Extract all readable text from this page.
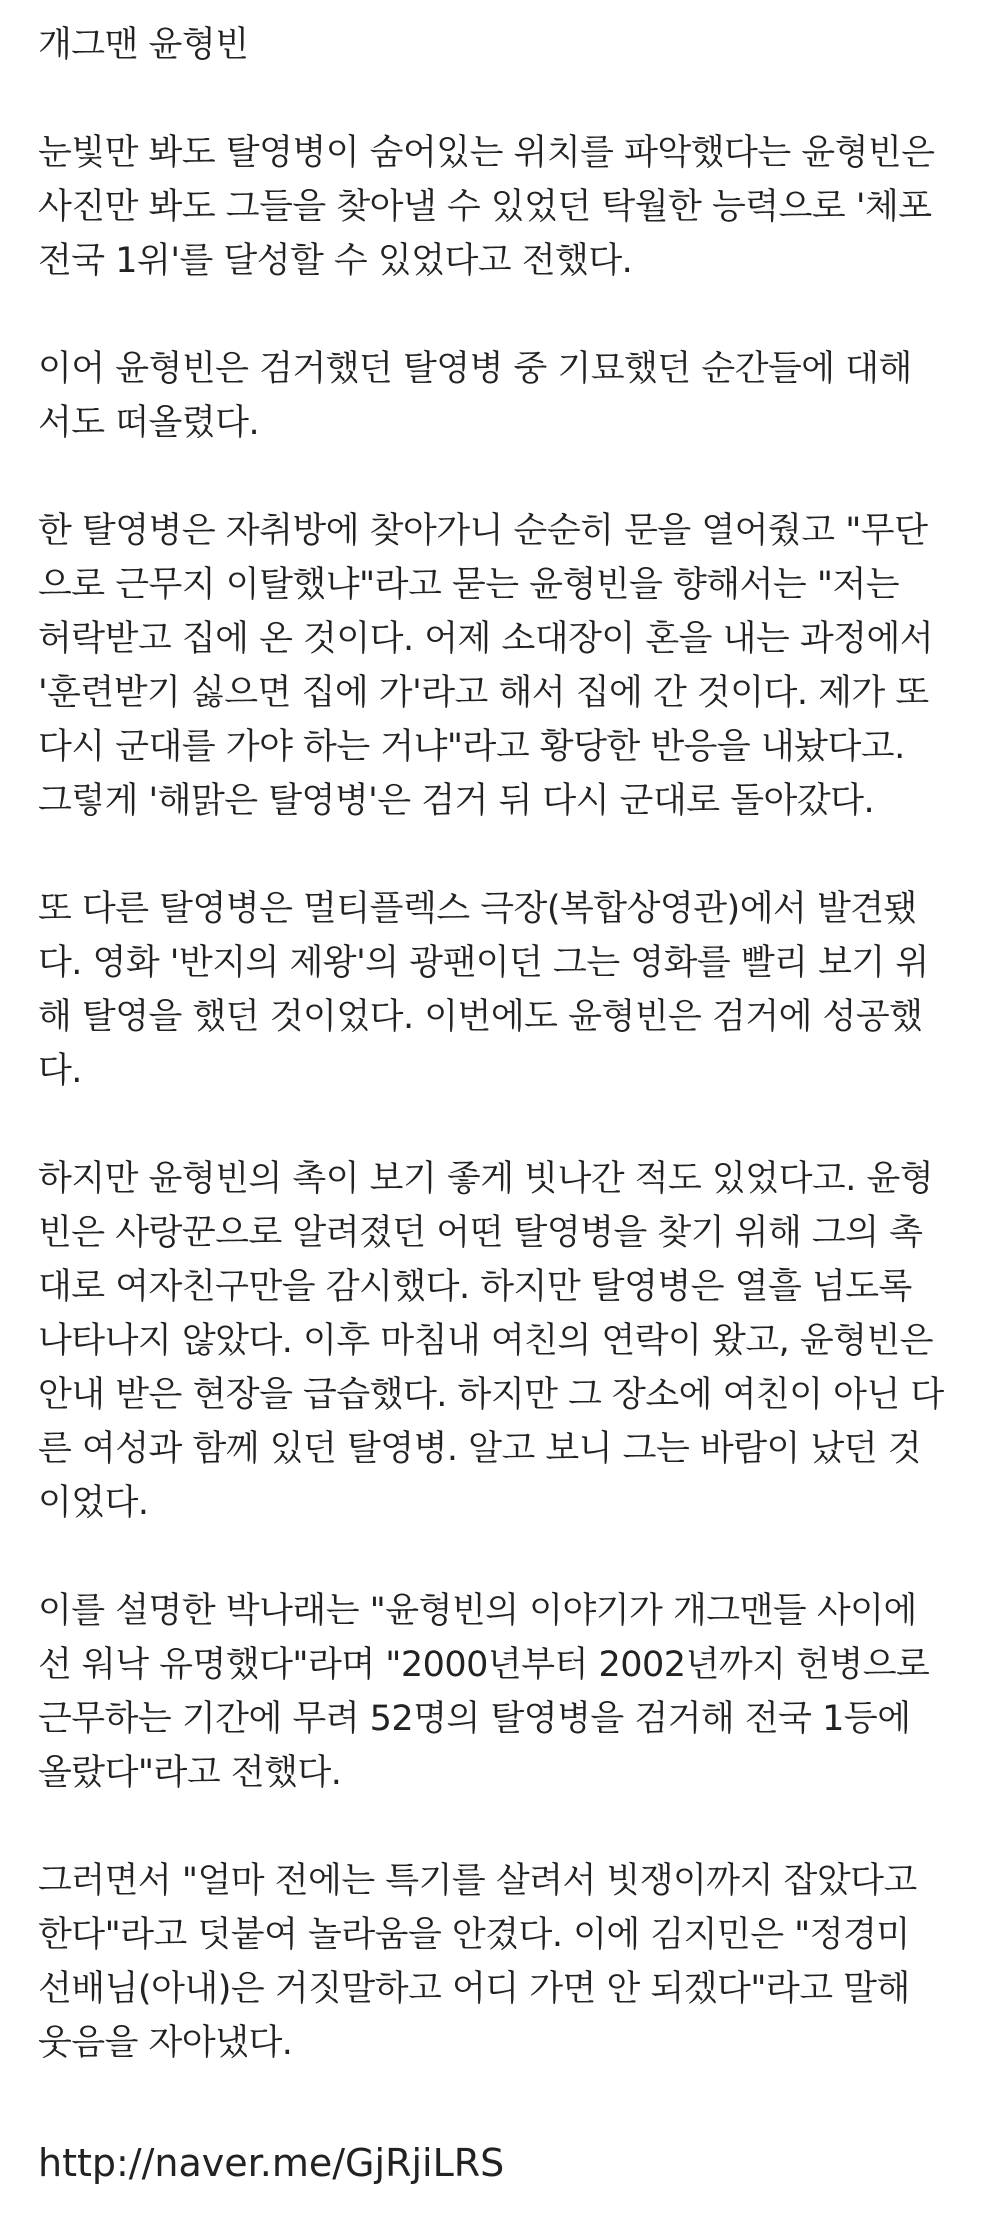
개그맨 윤형빈

눈빛만 봐도 탈영병이 숨어있는 위치를 파악했다는 윤형빈은
사진만 봐도 그들을 찾아낼 수 있었던 탁월한 능력으로 '체포
전국 1위'를 달성할 수 있었다고 전했다.

이어 윤형빈은 검거했던 탈영병 중 기묘했던 순간들에 대해
서도 떠올렸다.

한 탈영병은 자취방에 찾아가니 순순히 문을 열어줬고 "무단
으로 근무지 이탈했냐"라고 묻는 윤형빈을 향해서는 "저는
허락받고 집에 온 것이다. 어제 소대장이 혼을 내는 과정에서
'훈련받기 싫으면 집에 가'라고 해서 집에 간 것이다. 제가 또
다시 군대를 가야 하는 거냐"라고 황당한 반응을 내놨다고.
그렇게 '해맑은 탈영병'은 검거 뒤 다시 군대로 돌아갔다.

또 다른 탈영병은 멀티플렉스 극장(복합상영관)에서 발견됐
다. 영화 '반지의 제왕'의 광팬이던 그는 영화를 빨리 보기 위
해 탈영을 했던 것이었다. 이번에도 윤형빈은 검거에 성공했
다.

하지만 윤형빈의 촉이 보기 좋게 빗나간 적도 있었다고. 윤형
빈은 사랑꾼으로 알려졌던 어떤 탈영병을 찾기 위해 그의 촉
대로 여자친구만을 감시했다. 하지만 탈영병은 열흘 넘도록
나타나지 않았다. 이후 마침내 여친의 연락이 왔고, 윤형빈은
안내 받은 현장을 급습했다. 하지만 그 장소에 여친이 아닌 다
른 여성과 함께 있던 탈영병. 알고 보니 그는 바람이 났던 것
이었다.

이를 설명한 박나래는 "윤형빈의 이야기가 개그맨들 사이에
선 워낙 유명했다"라며 "2000년부터 2002년까지 헌병으로
근무하는 기간에 무려 52명의 탈영병을 검거해 전국 1등에
올랐다"라고 전했다.

그러면서 "얼마 전에는 특기를 살려서 빗쟁이까지 잡았다고
한다"라고 덧붙여 놀라움을 안겼다. 이에 김지민은 "정경미
선배님(아내)은 거짓말하고 어디 가면 안 되겠다"라고 말해
웃음을 자아냈다.

http://naver.me/GjRjiLRS
